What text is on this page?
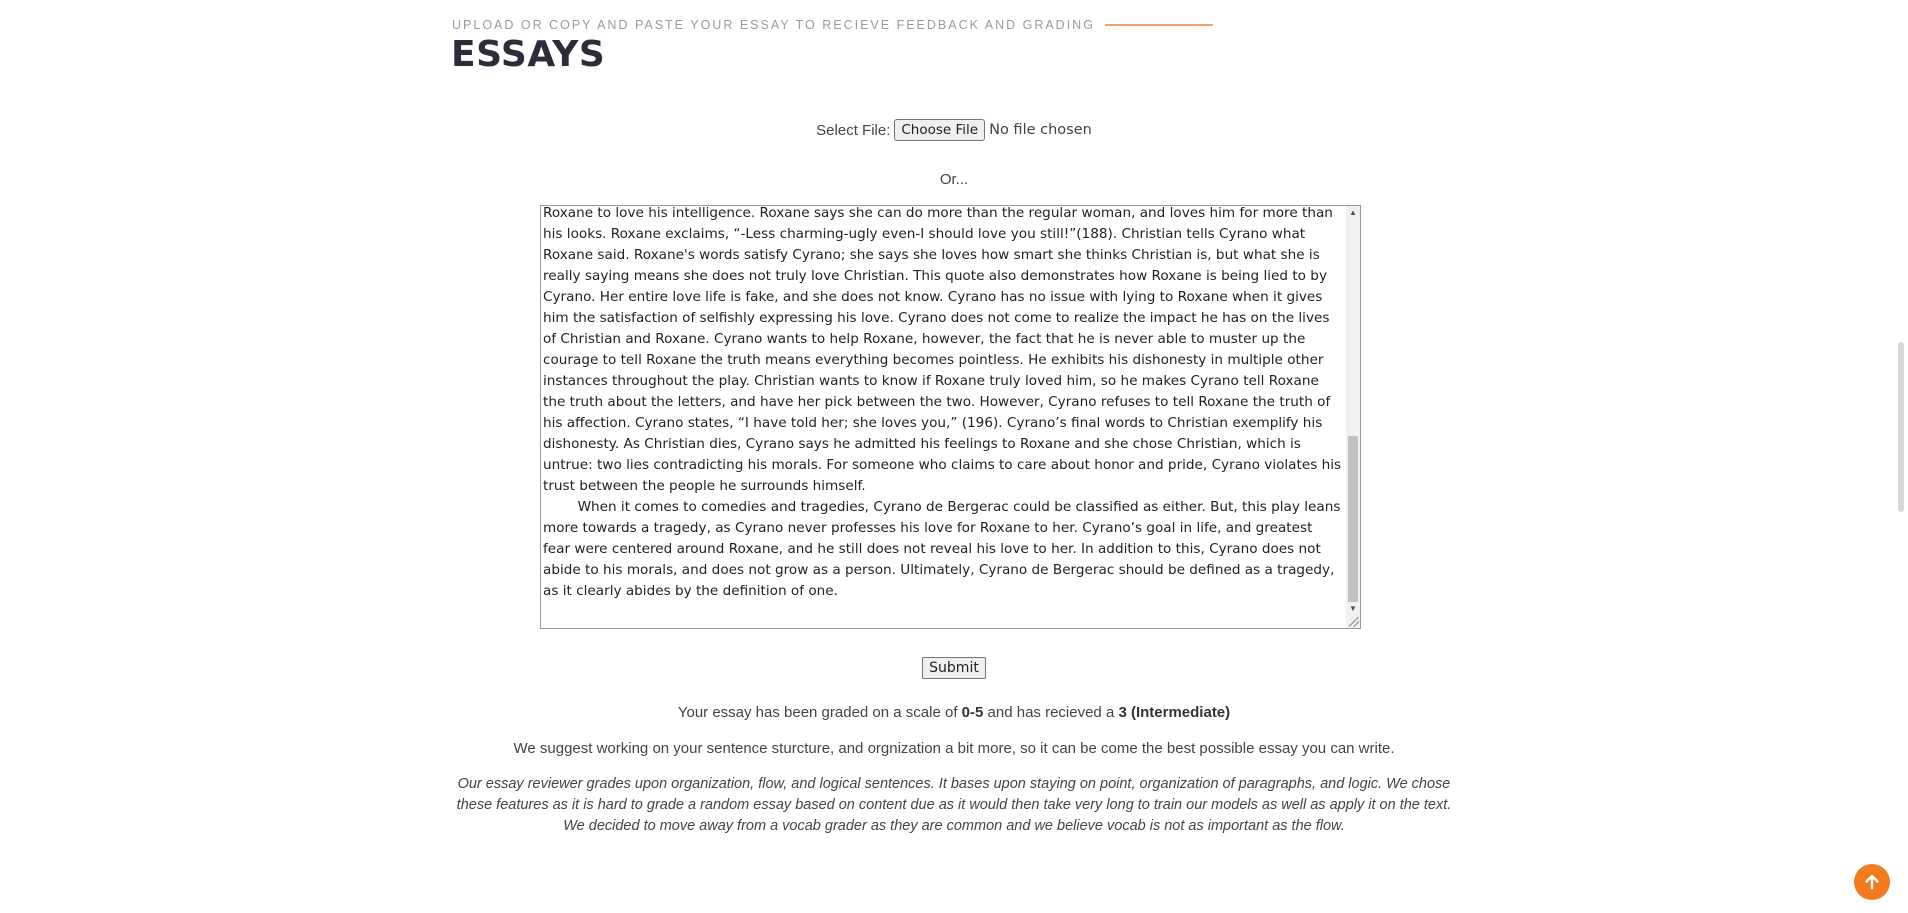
UPLOAD OR COPY AND PASTE YOUR ESSAY TO RECIEVE FEEDBACK AND GRADING
ESSAYS
Select File: Choose File No file chosen
Or...
Roxane to love his intelligence. Roxane says she can do more than the regular woman, and loves him for more than his looks. Roxane exclaims, “-Less charming-ugly even-I should love you still!”(188). Christian tells Cyrano what Roxane said. Roxane's words satisfy Cyrano; she says she loves how smart she thinks Christian is, but what she is really saying means she does not truly love Christian. This quote also demonstrates how Roxane is being lied to by Cyrano. Her entire love life is fake, and she does not know. Cyrano has no issue with lying to Roxane when it gives him the satisfaction of selfishly expressing his love. Cyrano does not come to realize the impact he has on the lives of Christian and Roxane. Cyrano wants to help Roxane, however, the fact that he is never able to muster up the courage to tell Roxane the truth means everything becomes pointless. He exhibits his dishonesty in multiple other instances throughout the play. Christian wants to know if Roxane truly loved him, so he makes Cyrano tell Roxane the truth about the letters, and have her pick between the two. However, Cyrano refuses to tell Roxane the truth of his affection. Cyrano states, “I have told her; she loves you,” (196). Cyrano’s final words to Christian exemplify his dishonesty. As Christian dies, Cyrano says he admitted his feelings to Roxane and she chose Christian, which is untrue: two lies contradicting his morals. For someone who claims to care about honor and pride, Cyrano violates his trust between the people he surrounds himself.
When it comes to comedies and tragedies, Cyrano de Bergerac could be classified as either. But, this play leans more towards a tragedy, as Cyrano never professes his love for Roxane to her. Cyrano’s goal in life, and greatest fear were centered around Roxane, and he still does not reveal his love to her. In addition to this, Cyrano does not abide to his morals, and does not grow as a person. Ultimately, Cyrano de Bergerac should be defined as a tragedy, as it clearly abides by the definition of one.
▲
▼
Submit
Your essay has been graded on a scale of 0-5 and has recieved a 3 (Intermediate)
We suggest working on your sentence sturcture, and orgnization a bit more, so it can be come the best possible essay you can write.
Our essay reviewer grades upon organization, flow, and logical sentences. It bases upon staying on point, organization of paragraphs, and logic. We chose these features as it is hard to grade a random essay based on content due as it would then take very long to train our models as well as apply it on the text. We decided to move away from a vocab grader as they are common and we believe vocab is not as important as the flow.
